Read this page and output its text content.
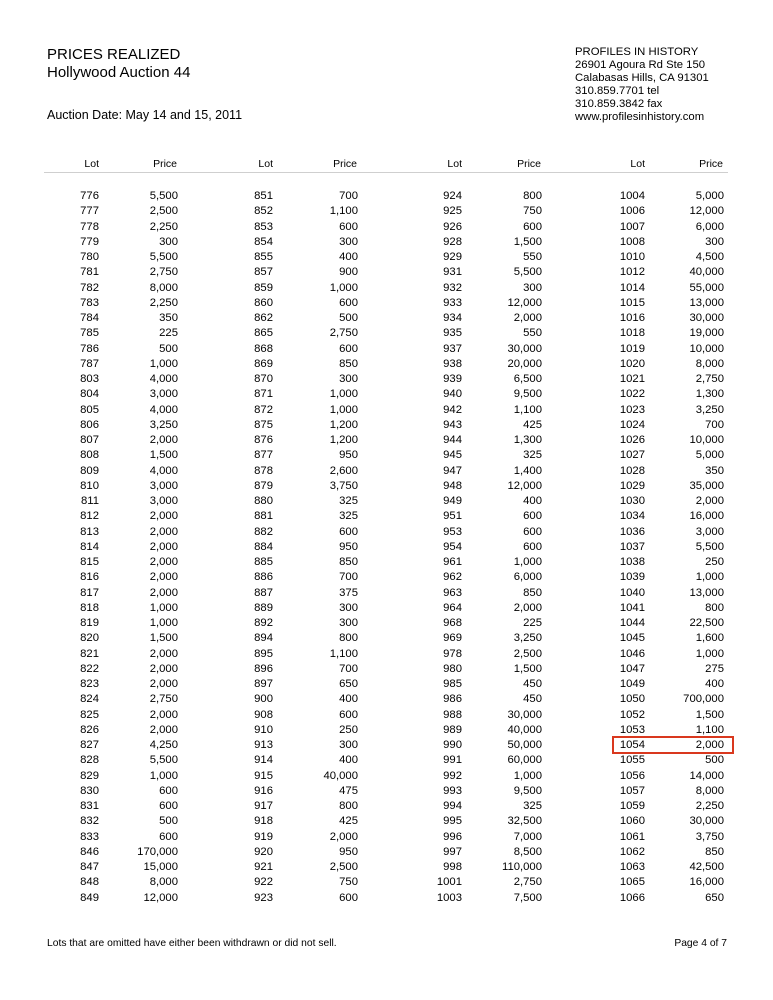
PRICES REALIZED
Hollywood Auction 44
Auction Date: May 14 and 15, 2011
PROFILES IN HISTORY
26901 Agoura Rd Ste 150
Calabasas Hills, CA 91301
310.859.7701 tel
310.859.3842 fax
www.profilesinhistory.com
Lot	Price	Lot	Price	Lot	Price	Lot	Price
776	5,500	851	700	924	800	1004	5,000
777	2,500	852	1,100	925	750	1006	12,000
778	2,250	853	600	926	600	1007	6,000
779	300	854	300	928	1,500	1008	300
780	5,500	855	400	929	550	1010	4,500
781	2,750	857	900	931	5,500	1012	40,000
782	8,000	859	1,000	932	300	1014	55,000
783	2,250	860	600	933	12,000	1015	13,000
784	350	862	500	934	2,000	1016	30,000
785	225	865	2,750	935	550	1018	19,000
786	500	868	600	937	30,000	1019	10,000
787	1,000	869	850	938	20,000	1020	8,000
803	4,000	870	300	939	6,500	1021	2,750
804	3,000	871	1,000	940	9,500	1022	1,300
805	4,000	872	1,000	942	1,100	1023	3,250
806	3,250	875	1,200	943	425	1024	700
807	2,000	876	1,200	944	1,300	1026	10,000
808	1,500	877	950	945	325	1027	5,000
809	4,000	878	2,600	947	1,400	1028	350
810	3,000	879	3,750	948	12,000	1029	35,000
811	3,000	880	325	949	400	1030	2,000
812	2,000	881	325	951	600	1034	16,000
813	2,000	882	600	953	600	1036	3,000
814	2,000	884	950	954	600	1037	5,500
815	2,000	885	850	961	1,000	1038	250
816	2,000	886	700	962	6,000	1039	1,000
817	2,000	887	375	963	850	1040	13,000
818	1,000	889	300	964	2,000	1041	800
819	1,000	892	300	968	225	1044	22,500
820	1,500	894	800	969	3,250	1045	1,600
821	2,000	895	1,100	978	2,500	1046	1,000
822	2,000	896	700	980	1,500	1047	275
823	2,000	897	650	985	450	1049	400
824	2,750	900	400	986	450	1050	700,000
825	2,000	908	600	988	30,000	1052	1,500
826	2,000	910	250	989	40,000	1053	1,100
827	4,250	913	300	990	50,000	1054	2,000
828	5,500	914	400	991	60,000	1055	500
829	1,000	915	40,000	992	1,000	1056	14,000
830	600	916	475	993	9,500	1057	8,000
831	600	917	800	994	325	1059	2,250
832	500	918	425	995	32,500	1060	30,000
833	600	919	2,000	996	7,000	1061	3,750
846	170,000	920	950	997	8,500	1062	850
847	15,000	921	2,500	998	110,000	1063	42,500
848	8,000	922	750	1001	2,750	1065	16,000
849	12,000	923	600	1003	7,500	1066	650
Lots that are omitted have either been withdrawn or did not sell.	Page 4 of 7
